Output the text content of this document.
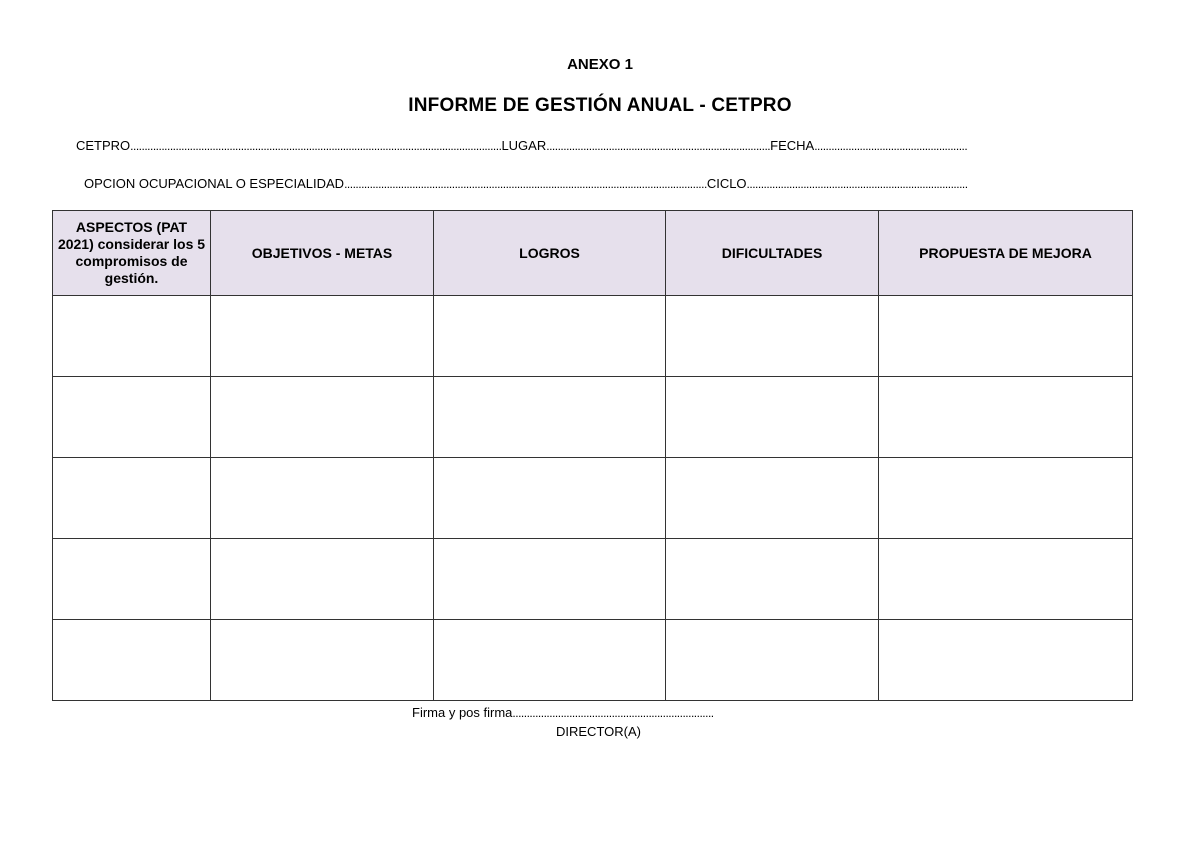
ANEXO 1
INFORME DE GESTIÓN ANUAL - CETPRO
CETPRO...................................................................................................................................LUGAR...............................................................................FECHA......................................................
OPCION OCUPACIONAL O ESPECIALIDAD................................................................................................................................CICLO..............................................................................
ASPECTOS (PAT 2021) considerar los 5 compromisos de gestión.	OBJETIVOS - METAS	LOGROS	DIFICULTADES	PROPUESTA DE MEJORA

Firma y pos firma.......................................................................
DIRECTOR(A)
